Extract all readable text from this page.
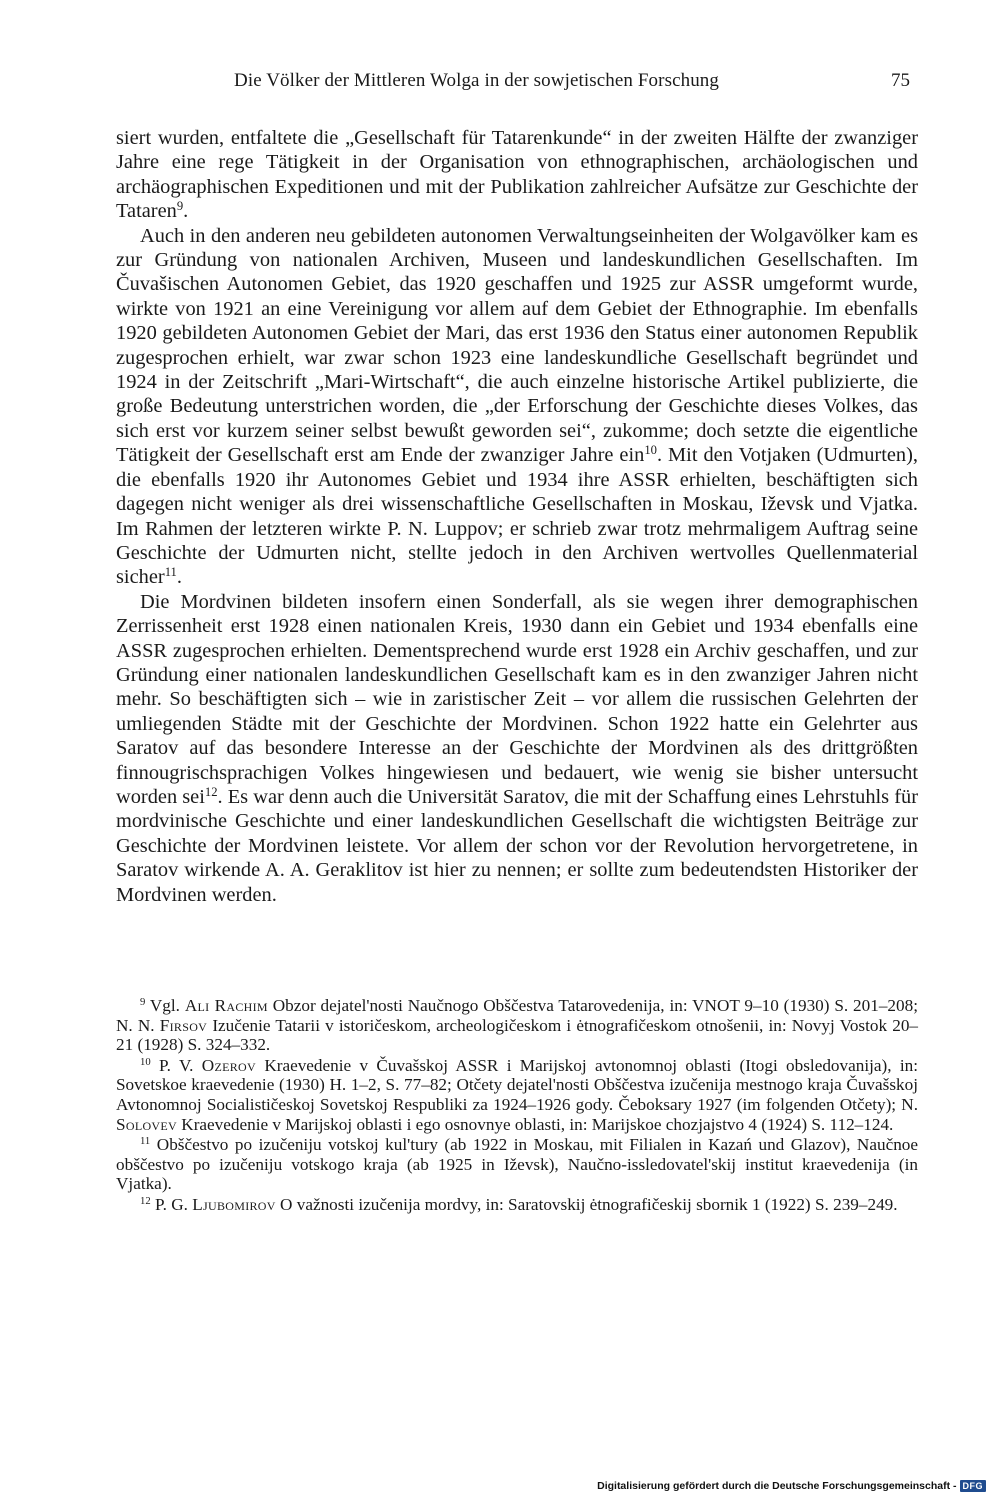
Die Völker der Mittleren Wolga in der sowjetischen Forschung	75

siert wurden, entfaltete die „Gesellschaft für Tatarenkunde“ in der zweiten Hälfte der zwanziger Jahre eine rege Tätigkeit in der Organisation von ethnographischen, archäologischen und archäographischen Expeditionen und mit der Publikation zahlreicher Aufsätze zur Geschichte der Tataren$^9$.

Auch in den anderen neu gebildeten autonomen Verwaltungseinheiten der Wolgavölker kam es zur Gründung von nationalen Archiven, Museen und landeskundlichen Gesellschaften. Im Čuvašischen Autonomen Gebiet, das 1920 geschaffen und 1925 zur ASSR umgeformt wurde, wirkte von 1921 an eine Vereinigung vor allem auf dem Gebiet der Ethnographie. Im ebenfalls 1920 gebildeten Autonomen Gebiet der Mari, das erst 1936 den Status einer autonomen Republik zugesprochen erhielt, war zwar schon 1923 eine landeskundliche Gesellschaft begründet und 1924 in der Zeitschrift „Mari-Wirtschaft“, die auch einzelne historische Artikel publizierte, die große Bedeutung unterstrichen worden, die „der Erforschung der Geschichte dieses Volkes, das sich erst vor kurzem seiner selbst bewußt geworden sei“, zukomme; doch setzte die eigentliche Tätigkeit der Gesellschaft erst am Ende der zwanziger Jahre ein$^{10}$. Mit den Votjaken (Udmurten), die ebenfalls 1920 ihr Autonomes Gebiet und 1934 ihre ASSR erhielten, beschäftigten sich dagegen nicht weniger als drei wissenschaftliche Gesellschaften in Moskau, Iževsk und Vjatka. Im Rahmen der letzteren wirkte P. N. Luppov; er schrieb zwar trotz mehrmaligem Auftrag seine Geschichte der Udmurten nicht, stellte jedoch in den Archiven wertvolles Quellenmaterial sicher$^{11}$.

Die Mordvinen bildeten insofern einen Sonderfall, als sie wegen ihrer demographischen Zerrissenheit erst 1928 einen nationalen Kreis, 1930 dann ein Gebiet und 1934 ebenfalls eine ASSR zugesprochen erhielten. Dementsprechend wurde erst 1928 ein Archiv geschaffen, und zur Gründung einer nationalen landeskundlichen Gesellschaft kam es in den zwanziger Jahren nicht mehr. So beschäftigten sich – wie in zaristischer Zeit – vor allem die russischen Gelehrten der umliegenden Städte mit der Geschichte der Mordvinen. Schon 1922 hatte ein Gelehrter aus Saratov auf das besondere Interesse an der Geschichte der Mordvinen als des drittgrößten finnougrischsprachigen Volkes hingewiesen und bedauert, wie wenig sie bisher untersucht worden sei$^{12}$. Es war denn auch die Universität Saratov, die mit der Schaffung eines Lehrstuhls für mordvinische Geschichte und einer landeskundlichen Gesellschaft die wichtigsten Beiträge zur Geschichte der Mordvinen leistete. Vor allem der schon vor der Revolution hervorgetretene, in Saratov wirkende A. A. Geraklitov ist hier zu nennen; er sollte zum bedeutendsten Historiker der Mordvinen werden.

$^9$ Vgl. Ali Rachim Obzor dejatel'nosti Naučnogo Obščestva Tatarovedenija, in: VNOT 9–10 (1930) S. 201–208; N. N. Firsov Izučenie Tatarii v istoričeskom, archeologičeskom i ėtnografičeskom otnošenii, in: Novyj Vostok 20–21 (1928) S. 324–332.

$^{10}$ P. V. Ozerov Kraevedenie v Čuvašskoj ASSR i Marijskoj avtonomnoj oblasti (Itogi obsledovanija), in: Sovetskoe kraevedenie (1930) H. 1–2, S. 77–82; Otčety dejatel'nosti Obščestva izučenija mestnogo kraja Čuvašskoj Avtonomnoj Socialističeskoj Sovetskoj Respubliki za 1924–1926 gody. Čeboksary 1927 (im folgenden Otčety); N. Solovev Kraevedenie v Marijskoj oblasti i ego osnovnye oblasti, in: Marijskoe chozjajstvo 4 (1924) S. 112–124.

$^{11}$ Obščestvo po izučeniju votskoj kul'tury (ab 1922 in Moskau, mit Filialen in Kazań und Glazov), Naučnoe obščestvo po izučeniju votskogo kraja (ab 1925 in Iževsk), Naučno-issledovatel'skij institut kraevedenija (in Vjatka).

$^{12}$ P. G. Ljubomirov O važnosti izučenija mordvy, in: Saratovskij ėtnografičeskij sbornik 1 (1922) S. 239–249.

Digitalisierung gefördert durch die Deutsche Forschungsgemeinschaft - DFG
